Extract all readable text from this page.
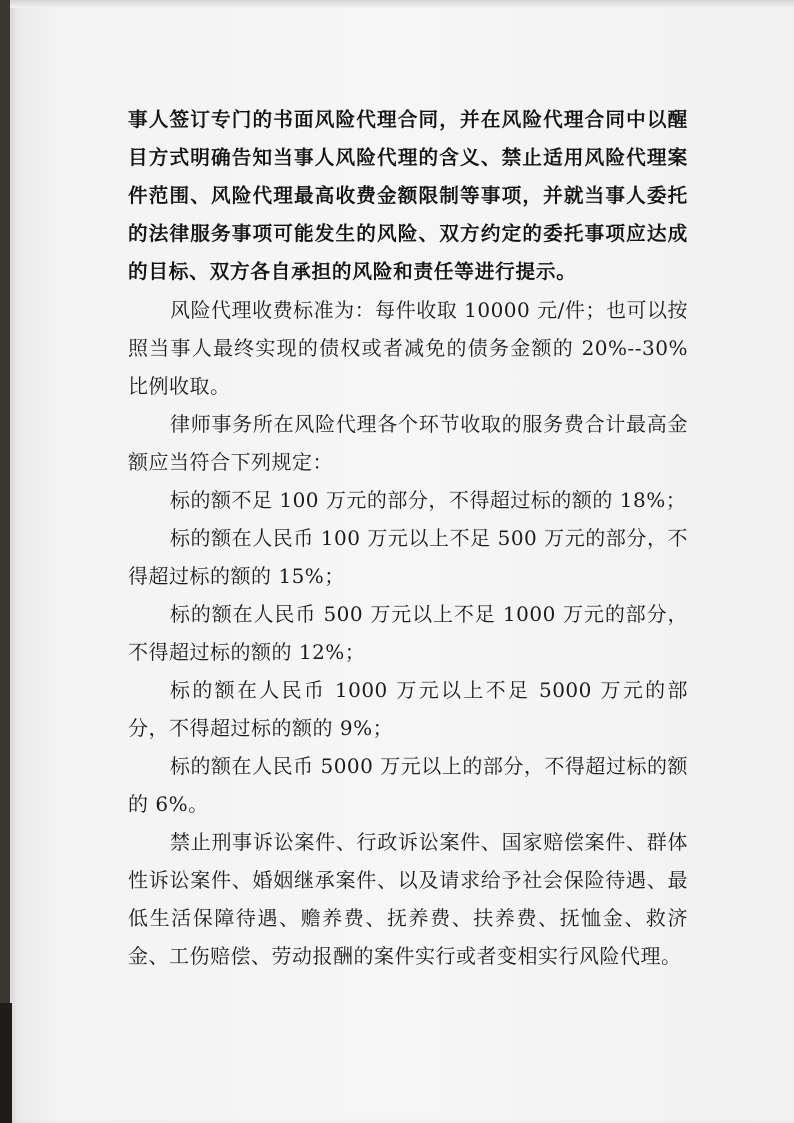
事人签订专门的书面风险代理合同，并在风险代理合同中以醒目方式明确告知当事人风险代理的含义、禁止适用风险代理案件范围、风险代理最高收费金额限制等事项，并就当事人委托的法律服务事项可能发生的风险、双方约定的委托事项应达成的目标、双方各自承担的风险和责任等进行提示。

风险代理收费标准为：每件收取 10000 元/件；也可以按照当事人最终实现的债权或者减免的债务金额的 20%--30%比例收取。

律师事务所在风险代理各个环节收取的服务费合计最高金额应当符合下列规定：

标的额不足 100 万元的部分，不得超过标的额的 18%；

标的额在人民币 100 万元以上不足 500 万元的部分，不得超过标的额的 15%；

标的额在人民币 500 万元以上不足 1000 万元的部分，不得超过标的额的 12%；

标的额在人民币 1000 万元以上不足 5000 万元的部分，不得超过标的额的 9%；

标的额在人民币 5000 万元以上的部分，不得超过标的额的 6%。

禁止刑事诉讼案件、行政诉讼案件、国家赔偿案件、群体性诉讼案件、婚姻继承案件、以及请求给予社会保险待遇、最低生活保障待遇、赡养费、抚养费、扶养费、抚恤金、救济金、工伤赔偿、劳动报酬的案件实行或者变相实行风险代理。
